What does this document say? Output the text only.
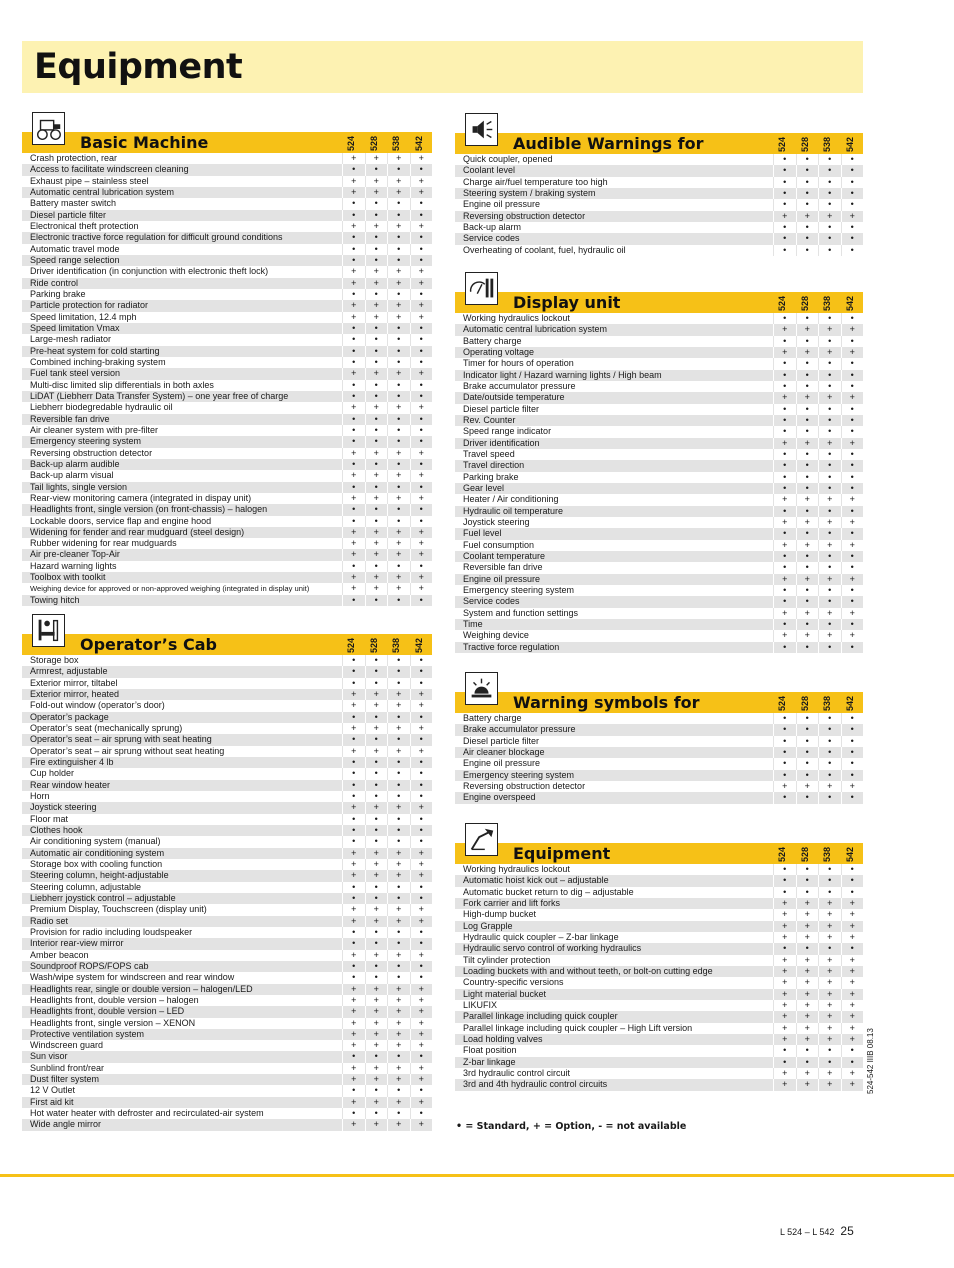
Equipment
Basic Machine	524 528 538 542
Crash protection, rear	+	+	+	+
Access to facilitate windscreen cleaning	•	•	•	•
Exhaust pipe – stainless steel	+	+	+	+
Automatic central lubrication system	+	+	+	+
Battery master switch	•	•	•	•
Diesel particle filter	•	•	•	•
Electronical theft protection	+	+	+	+
Electronic tractive force regulation for difficult ground conditions	•	•	•	•
Automatic travel mode	•	•	•	•
Speed range selection	•	•	•	•
Driver identification (in conjunction with electronic theft lock)	+	+	+	+
Ride control	+	+	+	+
Parking brake	•	•	•	•
Particle protection for radiator	+	+	+	+
Speed limitation, 12.4 mph	+	+	+	+
Speed limitation Vmax	•	•	•	•
Large-mesh radiator	•	•	•	•
Pre-heat system for cold starting	•	•	•	•
Combined inching-braking system	•	•	•	•
Fuel tank steel version	+	+	+	+
Multi-disc limited slip differentials in both axles	•	•	•	•
LiDAT (Liebherr Data Transfer System) – one year free of charge	•	•	•	•
Liebherr biodegredable hydraulic oil	+	+	+	+
Reversible fan drive	•	•	•	•
Air cleaner system with pre-filter	•	•	•	•
Emergency steering system	•	•	•	•
Reversing obstruction detector	+	+	+	+
Back-up alarm audible	•	•	•	•
Back-up alarm visual	+	+	+	+
Tail lights, single version	•	•	•	•
Rear-view monitoring camera (integrated in dispay unit)	+	+	+	+
Headlights front, single version (on front-chassis) – halogen	•	•	•	•
Lockable doors, service flap and engine hood	•	•	•	•
Widening for fender and rear mudguard (steel design)	+	+	+	+
Rubber widening for rear mudguards	+	+	+	+
Air pre-cleaner Top-Air	+	+	+	+
Hazard warning lights	•	•	•	•
Toolbox with toolkit	+	+	+	+
Weighing device for approved or non-approved weighing (integrated in display unit)	+	+	+	+
Towing hitch	•	•	•	•
Operator’s Cab	524 528 538 542
Storage box	•	•	•	•
Armrest, adjustable	•	•	•	•
Exterior mirror, tiltabel	•	•	•	•
Exterior mirror, heated	+	+	+	+
Fold-out window (operator’s door)	+	+	+	+
Operator’s package	•	•	•	•
Operator’s seat (mechanically sprung)	+	+	+	+
Operator’s seat – air sprung with seat heating	•	•	•	•
Operator’s seat – air sprung without seat heating	+	+	+	+
Fire extinguisher 4 lb	•	•	•	•
Cup holder	•	•	•	•
Rear window heater	•	•	•	•
Horn	•	•	•	•
Joystick steering	+	+	+	+
Floor mat	•	•	•	•
Clothes hook	•	•	•	•
Air conditioning system (manual)	•	•	•	•
Automatic air conditioning system	+	+	+	+
Storage box with cooling function	+	+	+	+
Steering column, height-adjustable	+	+	+	+
Steering column, adjustable	•	•	•	•
Liebherr joystick control – adjustable	•	•	•	•
Premium Display, Touchscreen (display unit)	+	+	+	+
Radio set	+	+	+	+
Provision for radio including loudspeaker	•	•	•	•
Interior rear-view mirror	•	•	•	•
Amber beacon	+	+	+	+
Soundproof ROPS/FOPS cab	•	•	•	•
Wash/wipe system for windscreen and rear window	•	•	•	•
Headlights rear, single or double version – halogen/LED	+	+	+	+
Headlights front, double version – halogen	+	+	+	+
Headlights front, double version – LED	+	+	+	+
Headlights front, single version – XENON	+	+	+	+
Protective ventilation system	+	+	+	+
Windscreen guard	+	+	+	+
Sun visor	•	•	•	•
Sunblind front/rear	+	+	+	+
Dust filter system	+	+	+	+
12 V Outlet	•	•	•	•
First aid kit	+	+	+	+
Hot water heater with defroster and recirculated-air system	•	•	•	•
Wide angle mirror	+	+	+	+
Audible Warnings for	524 528 538 542
Quick coupler, opened	•	•	•	•
Coolant level	•	•	•	•
Charge air/fuel temperature too high	•	•	•	•
Steering system / braking system	•	•	•	•
Engine oil pressure	•	•	•	•
Reversing obstruction detector	+	+	+	+
Back-up alarm	•	•	•	•
Service codes	•	•	•	•
Overheating of coolant, fuel, hydraulic oil	•	•	•	•
Display unit	524 528 538 542
Working hydraulics lockout	•	•	•	•
Automatic central lubrication system	+	+	+	+
Battery charge	•	•	•	•
Operating voltage	+	+	+	+
Timer for hours of operation	•	•	•	•
Indicator light / Hazard warning lights / High beam	•	•	•	•
Brake accumulator pressure	•	•	•	•
Date/outside temperature	+	+	+	+
Diesel particle filter	•	•	•	•
Rev. Counter	•	•	•	•
Speed range indicator	•	•	•	•
Driver identification	+	+	+	+
Travel speed	•	•	•	•
Travel direction	•	•	•	•
Parking brake	•	•	•	•
Gear level	•	•	•	•
Heater / Air conditioning	+	+	+	+
Hydraulic oil temperature	•	•	•	•
Joystick steering	+	+	+	+
Fuel level	•	•	•	•
Fuel consumption	+	+	+	+
Coolant temperature	•	•	•	•
Reversible fan drive	•	•	•	•
Engine oil pressure	+	+	+	+
Emergency steering system	•	•	•	•
Service codes	•	•	•	•
System and function settings	+	+	+	+
Time	•	•	•	•
Weighing device	+	+	+	+
Tractive force regulation	•	•	•	•
Warning symbols for	524 528 538 542
Battery charge	•	•	•	•
Brake accumulator pressure	•	•	•	•
Diesel particle filter	•	•	•	•
Air cleaner blockage	•	•	•	•
Engine oil pressure	•	•	•	•
Emergency steering system	•	•	•	•
Reversing obstruction detector	+	+	+	+
Engine overspeed	•	•	•	•
Equipment	524 528 538 542
Working hydraulics lockout	•	•	•	•
Automatic hoist kick out – adjustable	•	•	•	•
Automatic bucket return to dig – adjustable	•	•	•	•
Fork carrier and lift forks	+	+	+	+
High-dump bucket	+	+	+	+
Log Grapple	+	+	+	+
Hydraulic quick coupler – Z-bar linkage	+	+	+	+
Hydraulic servo control of working hydraulics	•	•	•	•
Tilt cylinder protection	+	+	+	+
Loading buckets with and without teeth, or bolt-on cutting edge	+	+	+	+
Country-specific versions	+	+	+	+
Light material bucket	+	+	+	+
LIKUFIX	+	+	+	+
Parallel linkage including quick coupler	+	+	+	+
Parallel linkage including quick coupler – High Lift version	+	+	+	+
Load holding valves	+	+	+	+
Float position	•	•	•	•
Z-bar linkage	•	•	•	•
3rd hydraulic control circuit	+	+	+	+
3rd and 4th hydraulic control circuits	+	+	+	+
• = Standard, + = Option, - = not available
524-542 IIIB 08.13
L 524 – L 542 25
